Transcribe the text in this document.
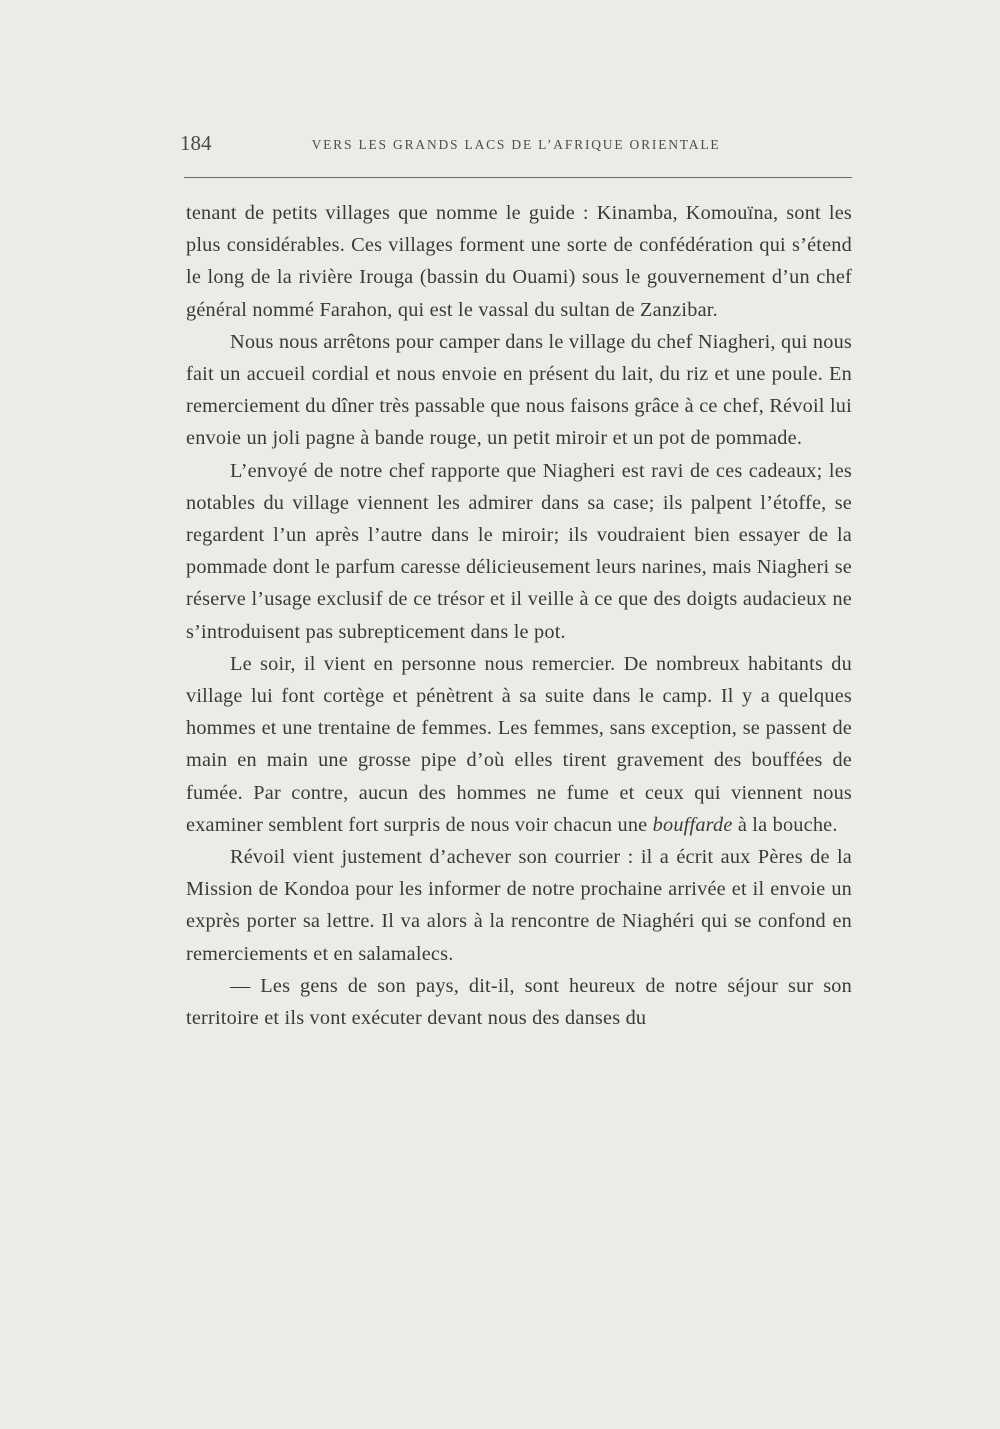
184	VERS LES GRANDS LACS DE L’AFRIQUE ORIENTALE

tenant de petits villages que nomme le guide : Kinamba, Komouïna, sont les plus considérables. Ces villages forment une sorte de confédération qui s’étend le long de la rivière Irouga (bassin du Ouami) sous le gouvernement d’un chef général nommé Farahon, qui est le vassal du sultan de Zanzibar.

Nous nous arrêtons pour camper dans le village du chef Niagheri, qui nous fait un accueil cordial et nous envoie en présent du lait, du riz et une poule. En remerciement du dîner très passable que nous faisons grâce à ce chef, Révoil lui envoie un joli pagne à bande rouge, un petit miroir et un pot de pommade.

L’envoyé de notre chef rapporte que Niagheri est ravi de ces cadeaux; les notables du village viennent les admirer dans sa case; ils palpent l’étoffe, se regardent l’un après l’autre dans le miroir; ils voudraient bien essayer de la pommade dont le parfum caresse délicieusement leurs narines, mais Niagheri se réserve l’usage exclusif de ce trésor et il veille à ce que des doigts audacieux ne s’introduisent pas subrepticement dans le pot.

Le soir, il vient en personne nous remercier. De nombreux habitants du village lui font cortège et pénètrent à sa suite dans le camp. Il y a quelques hommes et une trentaine de femmes. Les femmes, sans exception, se passent de main en main une grosse pipe d’où elles tirent gravement des bouffées de fumée. Par contre, aucun des hommes ne fume et ceux qui viennent nous examiner semblent fort surpris de nous voir chacun une bouffarde à la bouche.

Révoil vient justement d’achever son courrier : il a écrit aux Pères de la Mission de Kondoa pour les informer de notre prochaine arrivée et il envoie un exprès porter sa lettre. Il va alors à la rencontre de Niaghéri qui se confond en remerciements et en salamalecs.

— Les gens de son pays, dit-il, sont heureux de notre séjour sur son territoire et ils vont exécuter devant nous des danses du
